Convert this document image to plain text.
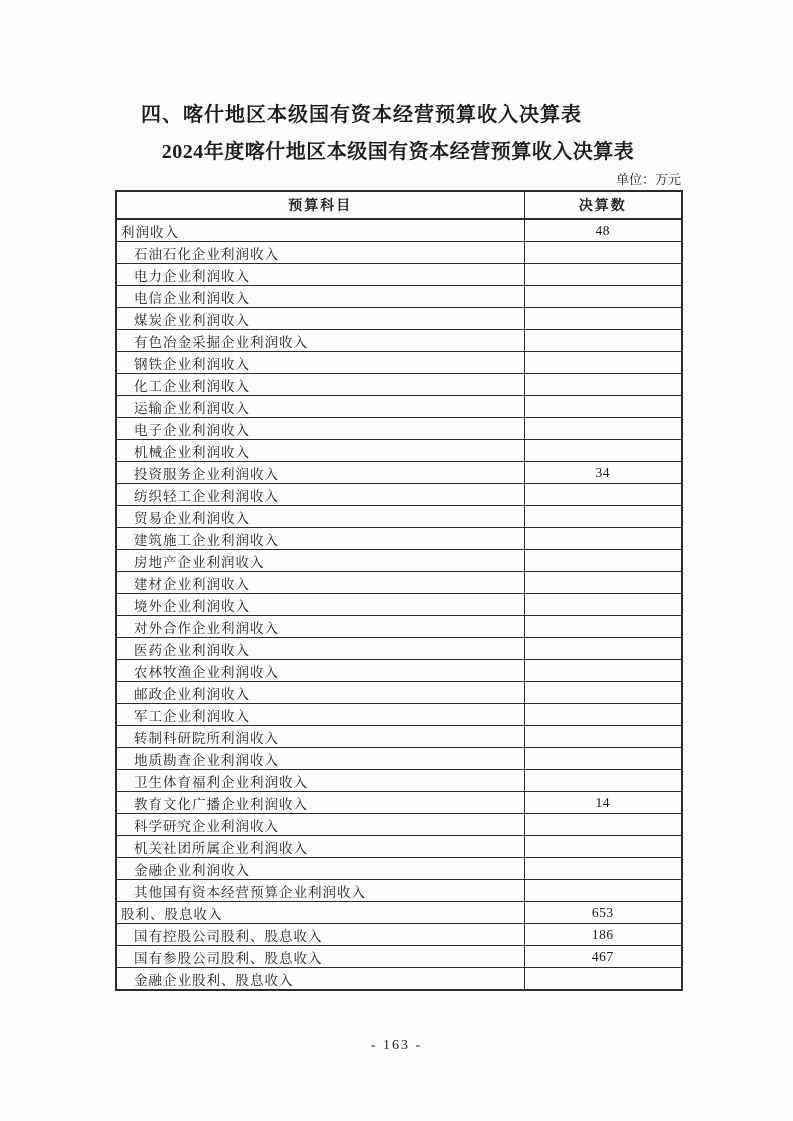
四、喀什地区本级国有资本经营预算收入决算表
2024年度喀什地区本级国有资本经营预算收入决算表
单位：万元
预算科目	决算数
利润收入	48
石油石化企业利润收入	
电力企业利润收入	
电信企业利润收入	
煤炭企业利润收入	
有色冶金采掘企业利润收入	
钢铁企业利润收入	
化工企业利润收入	
运输企业利润收入	
电子企业利润收入	
机械企业利润收入	
投资服务企业利润收入	34
纺织轻工企业利润收入	
贸易企业利润收入	
建筑施工企业利润收入	
房地产企业利润收入	
建材企业利润收入	
境外企业利润收入	
对外合作企业利润收入	
医药企业利润收入	
农林牧渔企业利润收入	
邮政企业利润收入	
军工企业利润收入	
转制科研院所利润收入	
地质勘查企业利润收入	
卫生体育福利企业利润收入	
教育文化广播企业利润收入	14
科学研究企业利润收入	
机关社团所属企业利润收入	
金融企业利润收入	
其他国有资本经营预算企业利润收入	
股利、股息收入	653
国有控股公司股利、股息收入	186
国有参股公司股利、股息收入	467
金融企业股利、股息收入	
- 163 -
